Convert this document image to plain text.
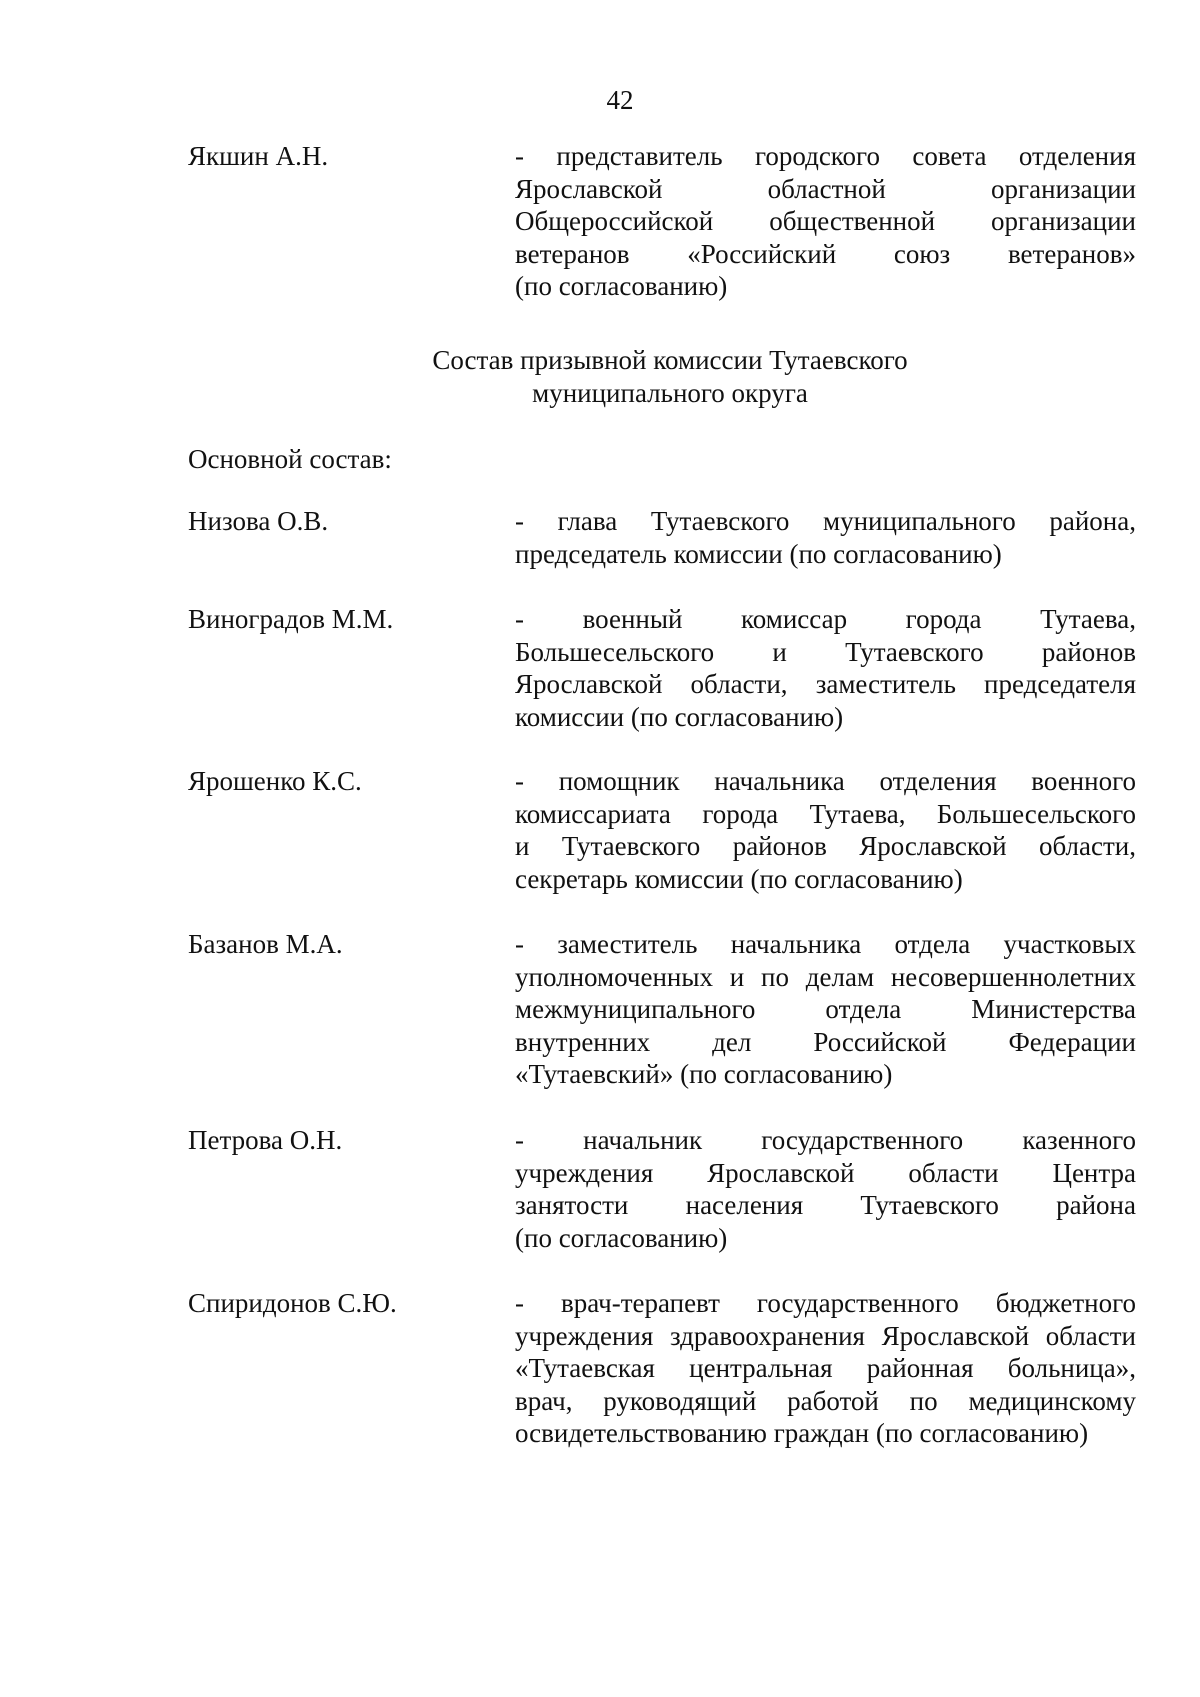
42
Якшин А.Н.	- представитель городского совета отделения
Ярославской областной организации
Общероссийской общественной организации
ветеранов «Российский союз ветеранов»
(по согласованию)
Состав призывной комиссии Тутаевского
муниципального округа
Основной состав:
Низова О.В.	- глава Тутаевского муниципального района,
председатель комиссии (по согласованию)
Виноградов М.М.	- военный комиссар города Тутаева,
Большесельского и Тутаевского районов
Ярославской области, заместитель председателя
комиссии (по согласованию)
Ярошенко К.С.	- помощник начальника отделения военного
комиссариата города Тутаева, Большесельского
и Тутаевского районов Ярославской области,
секретарь комиссии (по согласованию)
Базанов М.А.	- заместитель начальника отдела участковых
уполномоченных и по делам несовершеннолетних
межмуниципального отдела Министерства
внутренних дел Российской Федерации
«Тутаевский» (по согласованию)
Петрова О.Н.	- начальник государственного казенного
учреждения Ярославской области Центра
занятости населения Тутаевского района
(по согласованию)
Спиридонов С.Ю.	- врач-терапевт государственного бюджетного
учреждения здравоохранения Ярославской области
«Тутаевская центральная районная больница»,
врач, руководящий работой по медицинскому
освидетельствованию граждан (по согласованию)
